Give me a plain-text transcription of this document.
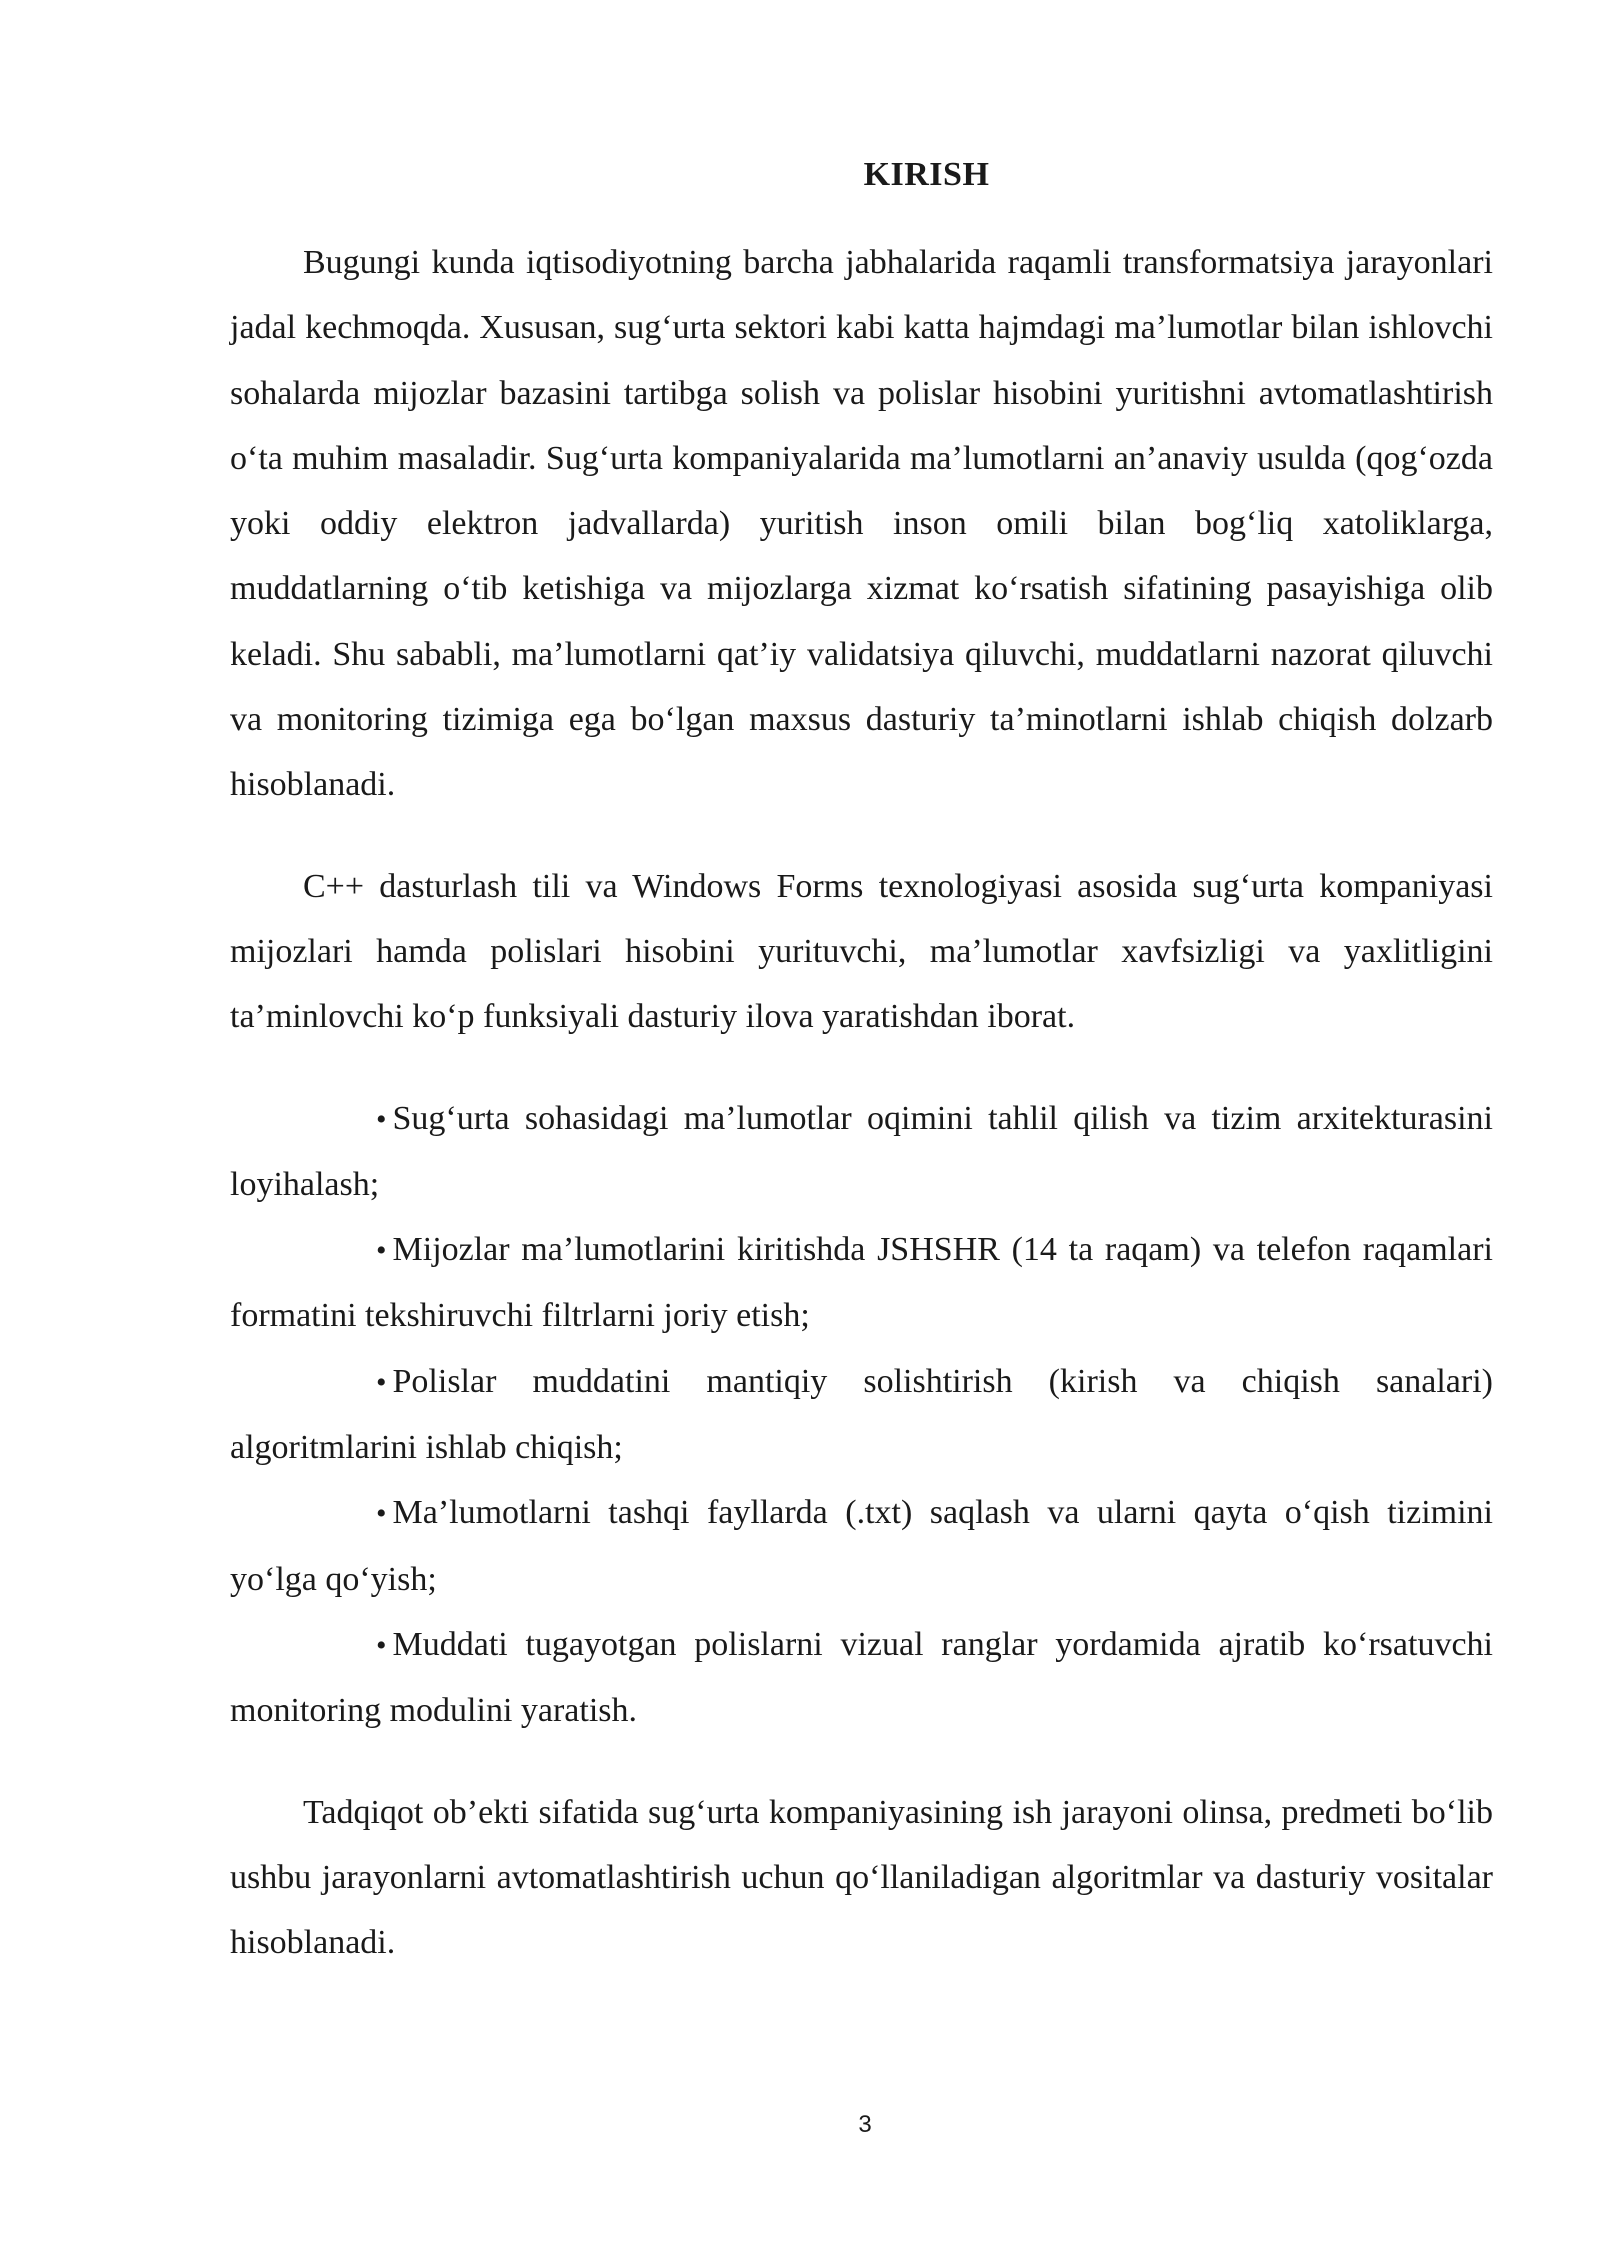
KIRISH

Bugungi kunda iqtisodiyotning barcha jabhalarida raqamli transformatsiya jarayonlari jadal kechmoqda. Xususan, sug‘urta sektori kabi katta hajmdagi ma’lumotlar bilan ishlovchi sohalarda mijozlar bazasini tartibga solish va polislar hisobini yuritishni avtomatlashtirish o‘ta muhim masaladir. Sug‘urta kompaniyalarida ma’lumotlarni an’anaviy usulda (qog‘ozda yoki oddiy elektron jadvallarda) yuritish inson omili bilan bog‘liq xatoliklarga, muddatlarning o‘tib ketishiga va mijozlarga xizmat ko‘rsatish sifatining pasayishiga olib keladi. Shu sababli, ma’lumotlarni qat’iy validatsiya qiluvchi, muddatlarni nazorat qiluvchi va monitoring tizimiga ega bo‘lgan maxsus dasturiy ta’minotlarni ishlab chiqish dolzarb hisoblanadi.

C++ dasturlash tili va Windows Forms texnologiyasi asosida sug‘urta kompaniyasi mijozlari hamda polislari hisobini yurituvchi, ma’lumotlar xavfsizligi va yaxlitligini ta’minlovchi ko‘p funksiyali dasturiy ilova yaratishdan iborat.

• Sug‘urta sohasidagi ma’lumotlar oqimini tahlil qilish va tizim arxitekturasini loyihalash;

• Mijozlar ma’lumotlarini kiritishda JSHSHR (14 ta raqam) va telefon raqamlari formatini tekshiruvchi filtrlarni joriy etish;

• Polislar muddatini mantiqiy solishtirish (kirish va chiqish sanalari) algoritmlarini ishlab chiqish;

• Ma’lumotlarni tashqi fayllarda (.txt) saqlash va ularni qayta o‘qish tizimini yo‘lga qo‘yish;

• Muddati tugayotgan polislarni vizual ranglar yordamida ajratib ko‘rsatuvchi monitoring modulini yaratish.

Tadqiqot ob’ekti sifatida sug‘urta kompaniyasining ish jarayoni olinsa, predmeti bo‘lib ushbu jarayonlarni avtomatlashtirish uchun qo‘llaniladigan algoritmlar va dasturiy vositalar hisoblanadi.

3
